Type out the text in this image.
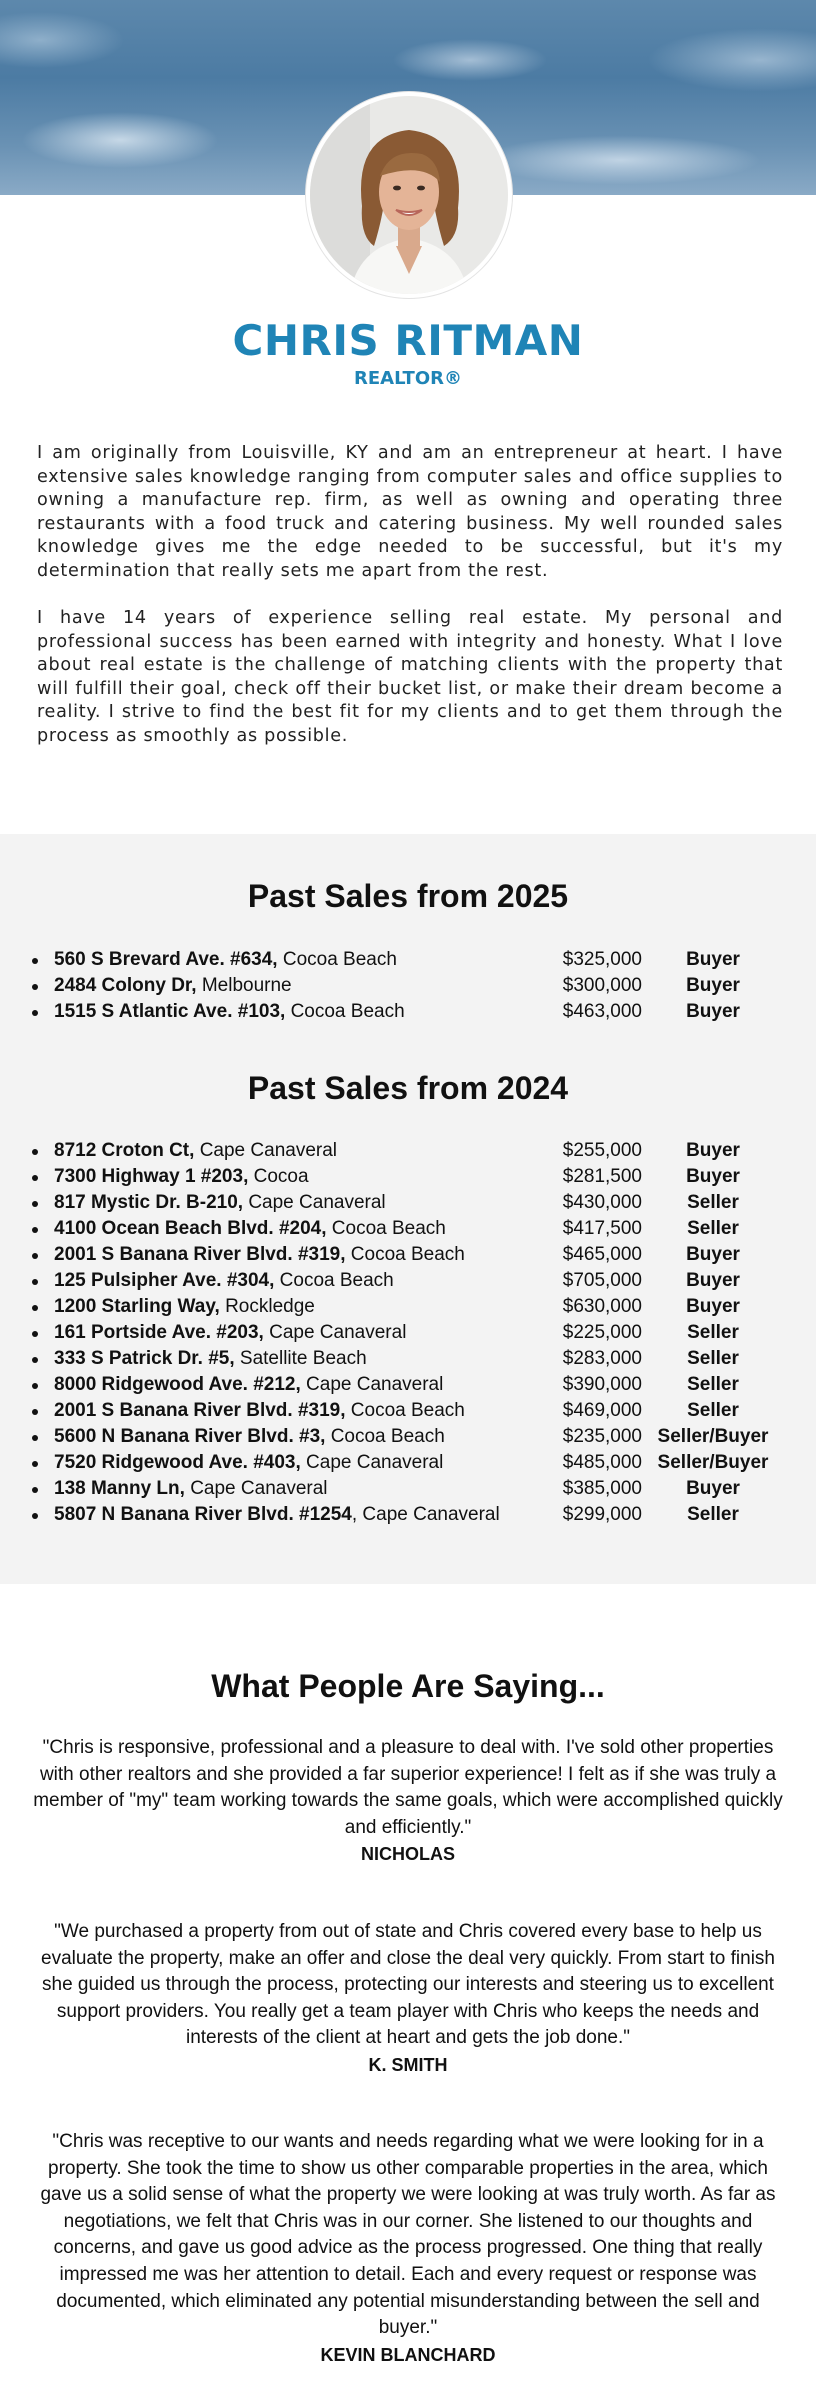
CHRIS RITMAN
REALTOR®

I am originally from Louisville, KY and am an entrepreneur at heart. I have extensive sales knowledge ranging from computer sales and office supplies to owning a manufacture rep. firm, as well as owning and operating three restaurants with a food truck and catering business. My well rounded sales knowledge gives me the edge needed to be successful, but it's my determination that really sets me apart from the rest.

I have 14 years of experience selling real estate. My personal and professional success has been earned with integrity and honesty. What I love about real estate is the challenge of matching clients with the property that will fulfill their goal, check off their bucket list, or make their dream become a reality. I strive to find the best fit for my clients and to get them through the process as smoothly as possible.

Past Sales from 2025
560 S Brevard Ave. #634, Cocoa Beach	$325,000	Buyer
2484 Colony Dr, Melbourne	$300,000	Buyer
1515 S Atlantic Ave. #103, Cocoa Beach	$463,000	Buyer
Past Sales from 2024
8712 Croton Ct, Cape Canaveral	$255,000	Buyer
7300 Highway 1 #203, Cocoa	$281,500	Buyer
817 Mystic Dr. B-210, Cape Canaveral	$430,000	Seller
4100 Ocean Beach Blvd. #204, Cocoa Beach	$417,500	Seller
2001 S Banana River Blvd. #319, Cocoa Beach	$465,000	Buyer
125 Pulsipher Ave. #304, Cocoa Beach	$705,000	Buyer
1200 Starling Way, Rockledge	$630,000	Buyer
161 Portside Ave. #203, Cape Canaveral	$225,000	Seller
333 S Patrick Dr. #5, Satellite Beach	$283,000	Seller
8000 Ridgewood Ave. #212, Cape Canaveral	$390,000	Seller
2001 S Banana River Blvd. #319, Cocoa Beach	$469,000	Seller
5600 N Banana River Blvd. #3, Cocoa Beach	$235,000 Seller/Buyer
7520 Ridgewood Ave. #403, Cape Canaveral	$485,000 Seller/Buyer
138 Manny Ln, Cape Canaveral	$385,000	Buyer
5807 N Banana River Blvd. #1254, Cape Canaveral	$299,000	Seller
What People Are Saying...

"Chris is responsive, professional and a pleasure to deal with. I've sold other properties with other realtors and she provided a far superior experience! I felt as if she was truly a member of "my" team working towards the same goals, which were accomplished quickly and efficiently."

NICHOLAS

"We purchased a property from out of state and Chris covered every base to help us evaluate the property, make an offer and close the deal very quickly. From start to finish she guided us through the process, protecting our interests and steering us to excellent support providers. You really get a team player with Chris who keeps the needs and interests of the client at heart and gets the job done."

K. SMITH

"Chris was receptive to our wants and needs regarding what we were looking for in a property. She took the time to show us other comparable properties in the area, which gave us a solid sense of what the property we were looking at was truly worth. As far as negotiations, we felt that Chris was in our corner. She listened to our thoughts and concerns, and gave us good advice as the process progressed. One thing that really impressed me was her attention to detail. Each and every request or response was documented, which eliminated any potential misunderstanding between the sell and buyer."

KEVIN BLANCHARD
